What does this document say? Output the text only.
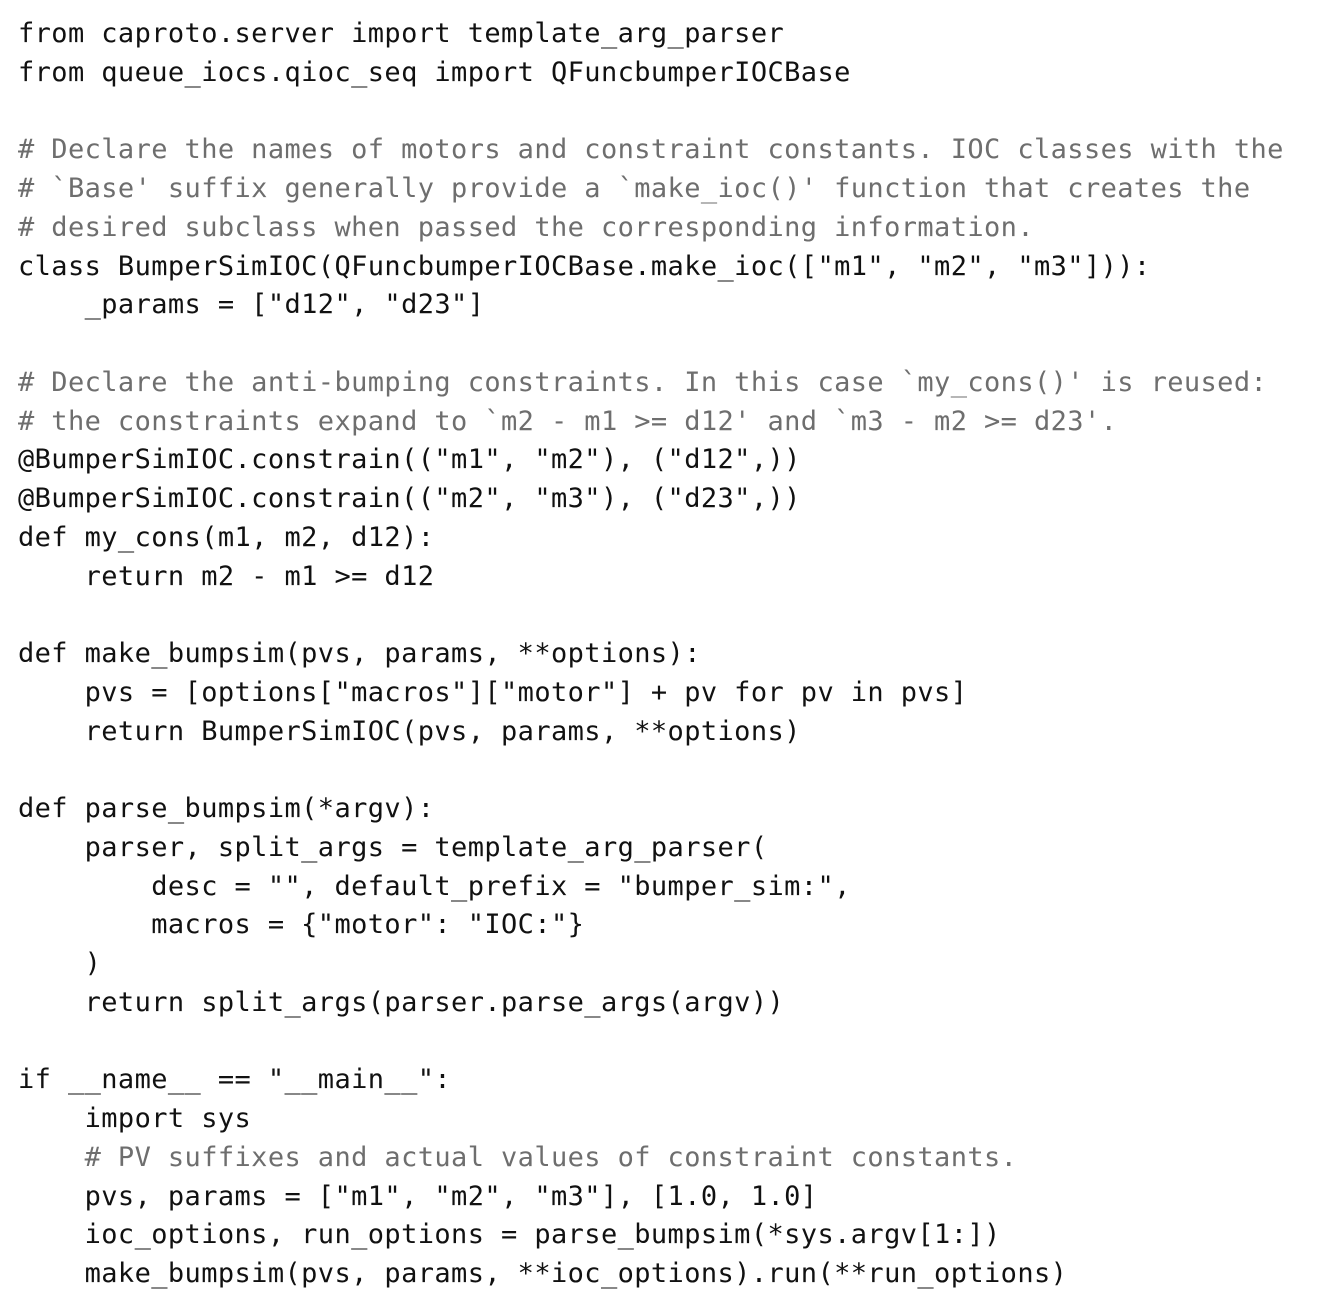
from caproto.server import template_arg_parser
from queue_iocs.qioc_seq import QFuncbumperIOCBase
# Declare the names of motors and constraint constants. IOC classes with the
# `Base' suffix generally provide a `make_ioc()' function that creates the
# desired subclass when passed the corresponding information.
class BumperSimIOC(QFuncbumperIOCBase.make_ioc(["m1", "m2", "m3"])):
_params = ["d12", "d23"]
# Declare the anti-bumping constraints. In this case `my_cons()' is reused:
# the constraints expand to `m2 - m1 >= d12' and `m3 - m2 >= d23'.
@BumperSimIOC.constrain(("m1", "m2"), ("d12",))
@BumperSimIOC.constrain(("m2", "m3"), ("d23",))
def my_cons(m1, m2, d12):
return m2 - m1 >= d12
def make_bumpsim(pvs, params, **options):
pvs = [options["macros"]["motor"] + pv for pv in pvs]
return BumperSimIOC(pvs, params, **options)
def parse_bumpsim(*argv):
parser, split_args = template_arg_parser(
desc = "", default_prefix = "bumper_sim:",
macros = {"motor": "IOC:"}
)
return split_args(parser.parse_args(argv))
if __name__ == "__main__":
import sys
# PV suffixes and actual values of constraint constants.
pvs, params = ["m1", "m2", "m3"], [1.0, 1.0]
ioc_options, run_options = parse_bumpsim(*sys.argv[1:])
make_bumpsim(pvs, params, **ioc_options).run(**run_options)
